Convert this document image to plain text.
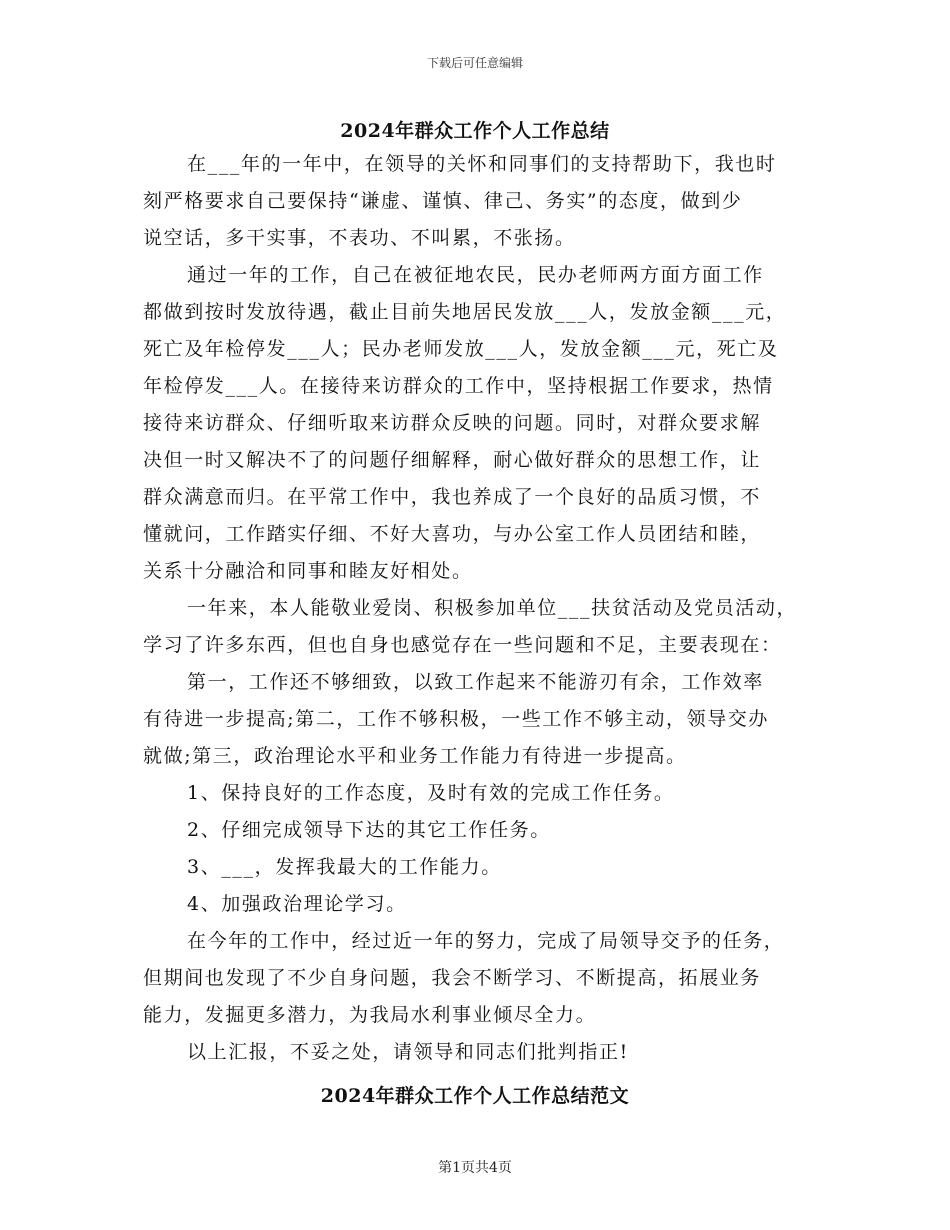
下载后可任意编辑
2024年群众工作个人工作总结
在___年的一年中，在领导的关怀和同事们的支持帮助下，我也时
刻严格要求自己要保持“谦虚、谨慎、律己、务实”的态度，做到少
说空话，多干实事，不表功、不叫累，不张扬。
通过一年的工作，自己在被征地农民，民办老师两方面方面工作
都做到按时发放待遇，截止目前失地居民发放___人，发放金额___元，
死亡及年检停发___人；民办老师发放___人，发放金额___元，死亡及
年检停发___人。在接待来访群众的工作中，坚持根据工作要求，热情
接待来访群众、仔细听取来访群众反映的问题。同时，对群众要求解
决但一时又解决不了的问题仔细解释，耐心做好群众的思想工作，让
群众满意而归。在平常工作中，我也养成了一个良好的品质习惯，不
懂就问，工作踏实仔细、不好大喜功，与办公室工作人员团结和睦，
关系十分融洽和同事和睦友好相处。
一年来，本人能敬业爱岗、积极参加单位___扶贫活动及党员活动，
学习了许多东西，但也自身也感觉存在一些问题和不足，主要表现在：
第一，工作还不够细致，以致工作起来不能游刃有余，工作效率
有待进一步提高;第二，工作不够积极，一些工作不够主动，领导交办
就做;第三，政治理论水平和业务工作能力有待进一步提高。
1、保持良好的工作态度，及时有效的完成工作任务。
2、仔细完成领导下达的其它工作任务。
3、___，发挥我最大的工作能力。
4、加强政治理论学习。
在今年的工作中，经过近一年的努力，完成了局领导交予的任务，
但期间也发现了不少自身问题，我会不断学习、不断提高，拓展业务
能力，发掘更多潜力，为我局水利事业倾尽全力。
以上汇报，不妥之处，请领导和同志们批判指正!
2024年群众工作个人工作总结范文
第1页共4页
